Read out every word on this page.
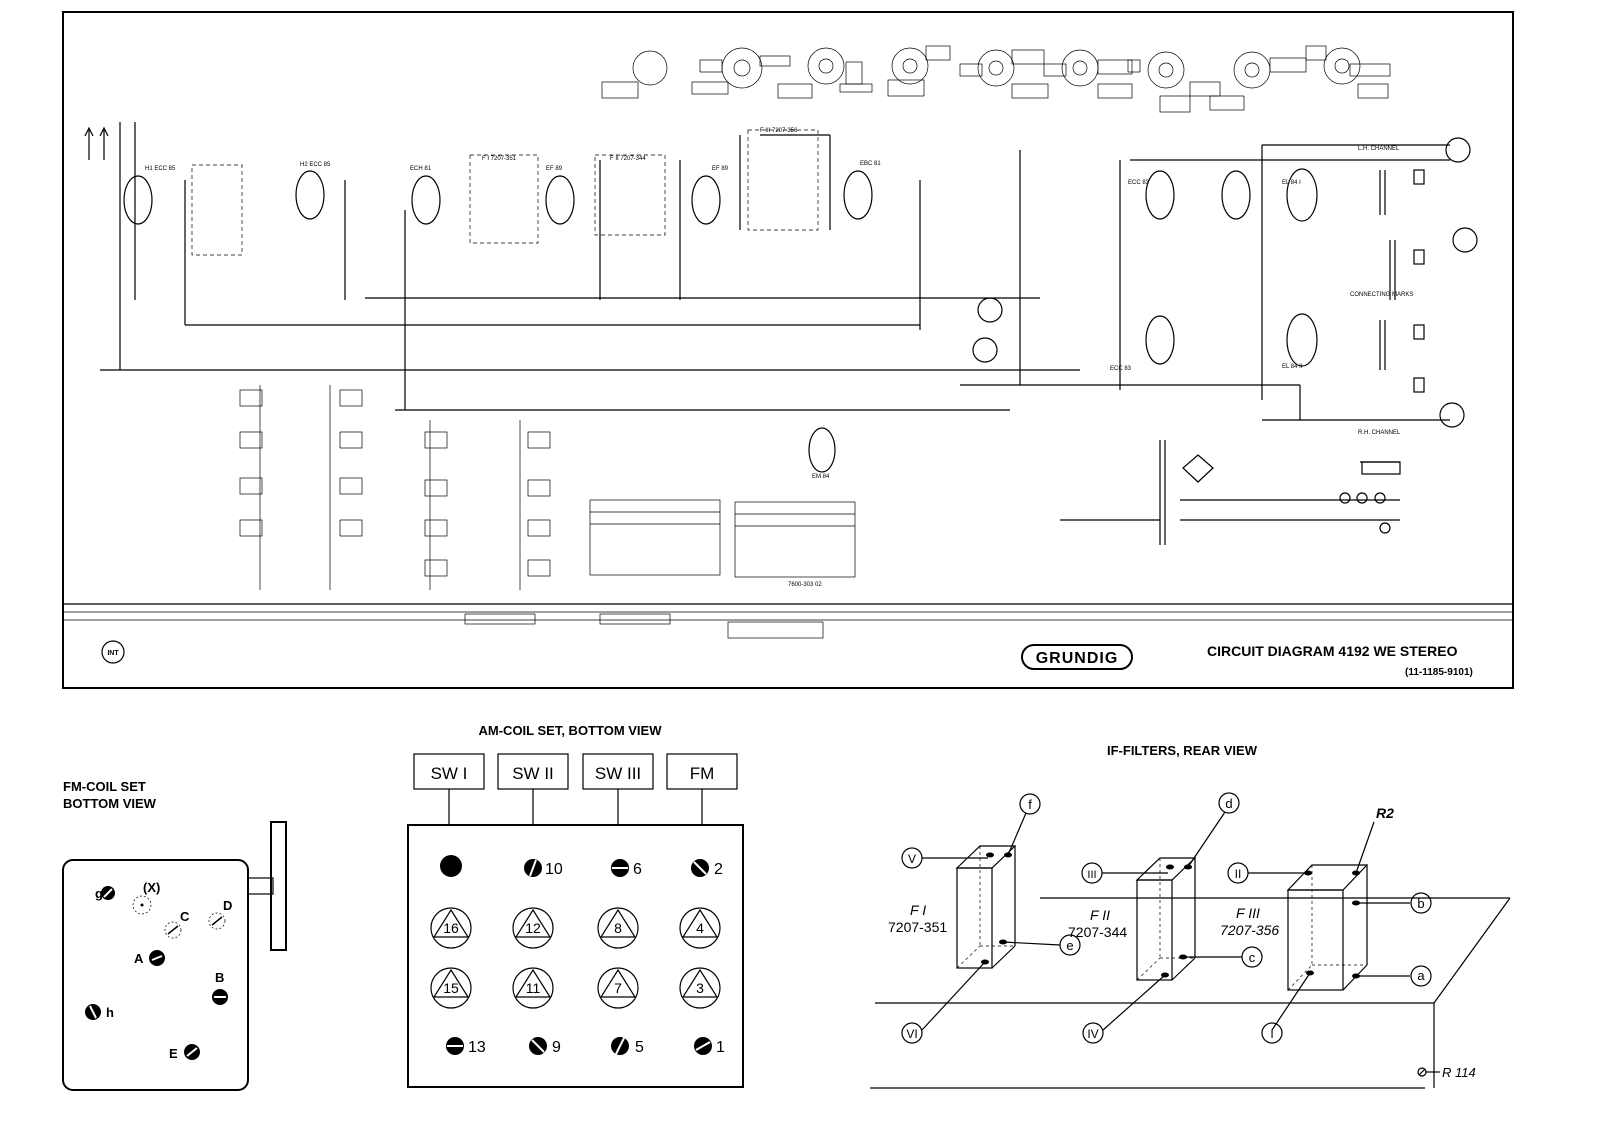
H1 ECC 85
H2 ECC 85
ECH 81	EF 89	EF 89
EBC 81
ECC 83
ECC 83
EL 84 I
EL 84 II
EM 84
L.H. CHANNEL
R.H. CHANNEL
CONNECTING MARKS
F I 7207-351	F II 7207-344
F III 7207-356
7600-303 02
INT	GRUNDIG	CIRCUIT DIAGRAM 4192 WE STEREO
(11-1185-9101)
FM-COIL SET
BOTTOM VIEW
g	(X)
C
D
A
B
h
E
AM-COIL SET, BOTTOM VIEW
SW I	SW II SW III	FM
10	6	2
16	12	8	4
15	11	7	3
13	9	5	1
IF-FILTERS, REAR VIEW
F I
7207-351
F II
7207-344
F III
7207-356
V
VI
III
IV
II
I
f
e
d
c
b
a
R2
R 114
